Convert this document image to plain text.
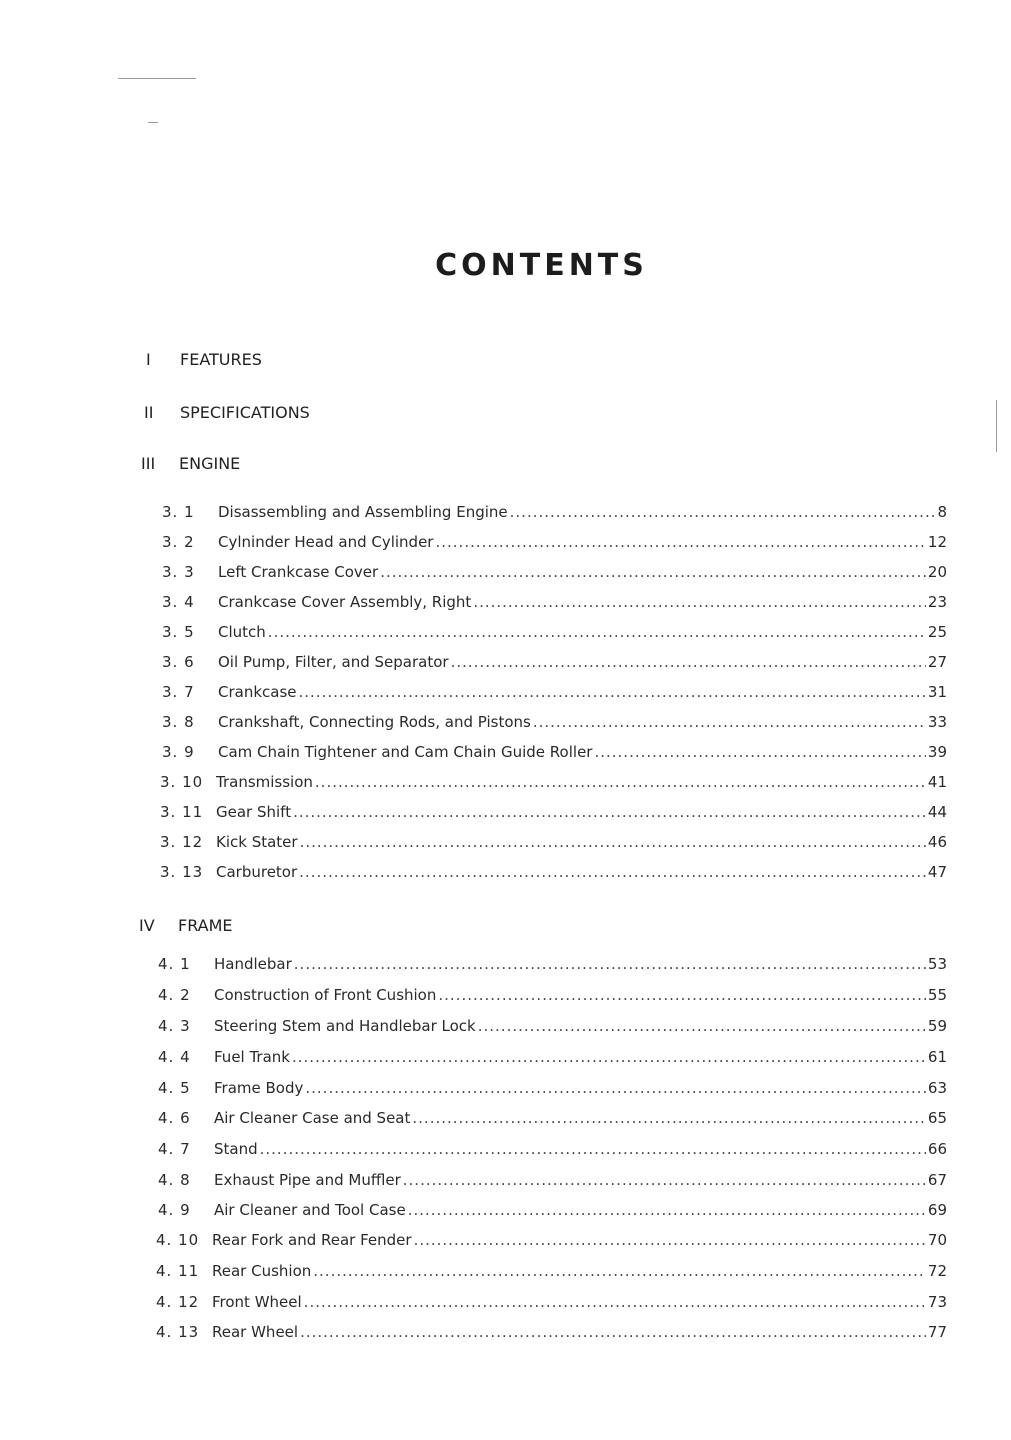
CONTENTS
I FEATURES
II SPECIFICATIONS
III ENGINE
3. 1	Disassembling and Assembling Engine .....	8
3. 2	Cylninder Head and Cylinder .....	12
3. 3	Left Crankcase Cover .....	20
3. 4	Crankcase Cover Assembly, Right .....	23
3. 5	Clutch .....	25
3. 6	Oil Pump, Filter, and Separator .....	27
3. 7	Crankcase .....	31
3. 8	Crankshaft, Connecting Rods, and Pistons .....	33
3. 9	Cam Chain Tightener and Cam Chain Guide Roller .....	39
3. 10 Transmission .....	41
3. 11 Gear Shift .....	44
3. 12 Kick Stater .....	46
3. 13 Carburetor .....	47
IV FRAME
4. 1	Handlebar .....	53
4. 2	Construction of Front Cushion .....	55
4. 3	Steering Stem and Handlebar Lock .....	59
4. 4	Fuel Trank .....	61
4. 5	Frame Body .....	63
4. 6	Air Cleaner Case and Seat .....	65
4. 7	Stand .....	66
4. 8	Exhaust Pipe and Muffler .....	67
4. 9	Air Cleaner and Tool Case .....	69
4. 10 Rear Fork and Rear Fender .....	70
4. 11 Rear Cushion .....	72
4. 12 Front Wheel .....	73
4. 13 Rear Wheel .....	77
